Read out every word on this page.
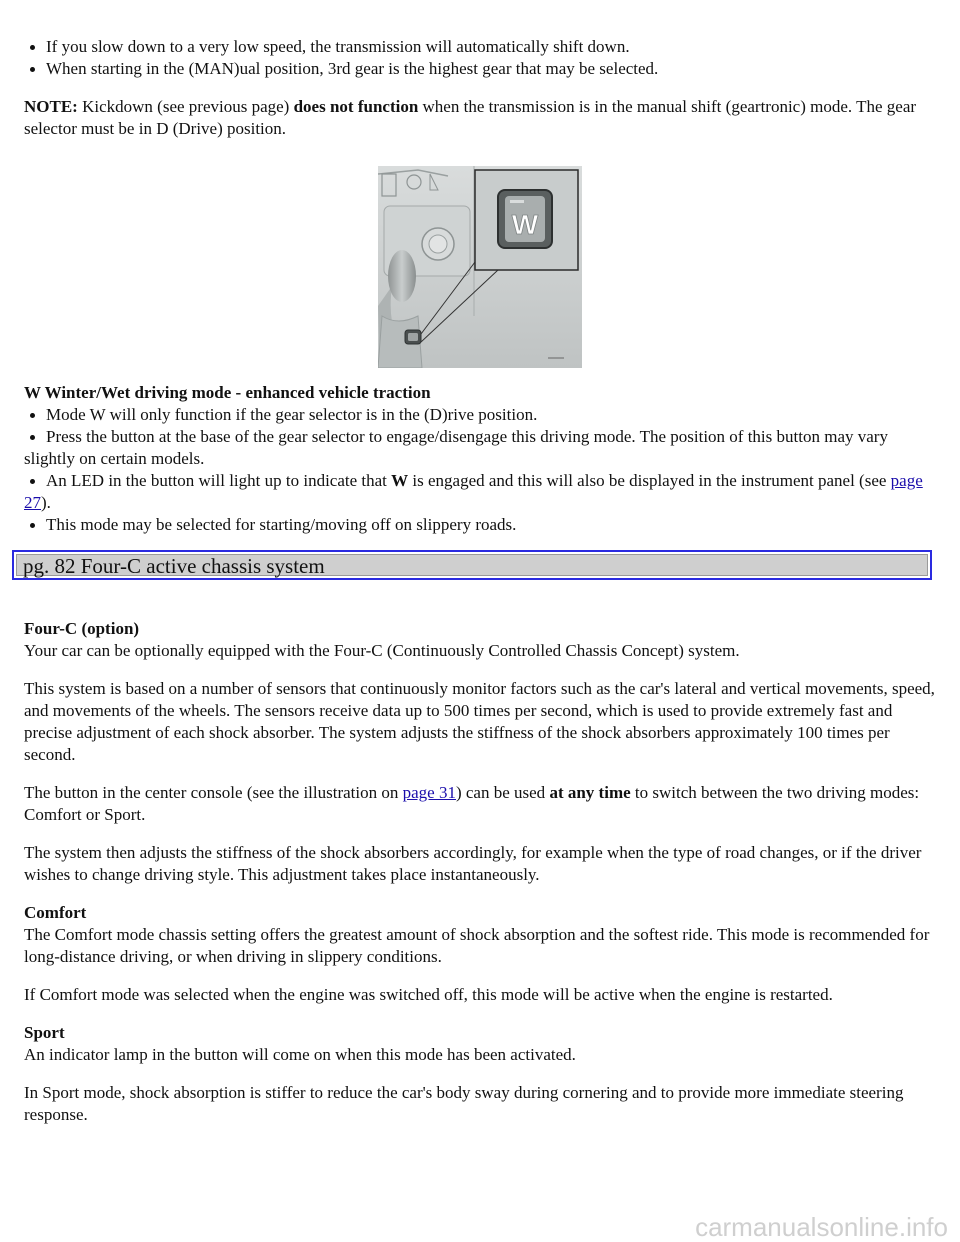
If you slow down to a very low speed, the transmission will automatically shift down.
When starting in the (MAN)ual position, 3rd gear is the highest gear that may be selected.

NOTE: Kickdown (see previous page) does not function when the transmission is in the manual shift (geartronic) mode. The gear selector must be in D (Drive) position.

W

W Winter/Wet driving mode - enhanced vehicle traction

Mode W will only function if the gear selector is in the (D)rive position.
Press the button at the base of the gear selector to engage/disengage this driving mode. The position of this button may vary slightly on certain models.
An LED in the button will light up to indicate that W is engaged and this will also be displayed in the instrument panel (see page 27).
This mode may be selected for starting/moving off on slippery roads.
pg. 82 Four-C active chassis system

Four-C (option)

Your car can be optionally equipped with the Four-C (Continuously Controlled Chassis Concept) system.

This system is based on a number of sensors that continuously monitor factors such as the car's lateral and vertical movements, speed, and movements of the wheels. The sensors receive data up to 500 times per second, which is used to provide extremely fast and precise adjustment of each shock absorber. The system adjusts the stiffness of the shock absorbers approximately 100 times per second.

The button in the center console (see the illustration on page 31) can be used at any time to switch between the two driving modes: Comfort or Sport.

The system then adjusts the stiffness of the shock absorbers accordingly, for example when the type of road changes, or if the driver wishes to change driving style. This adjustment takes place instantaneously.

Comfort

The Comfort mode chassis setting offers the greatest amount of shock absorption and the softest ride. This mode is recommended for long-distance driving, or when driving in slippery conditions.

If Comfort mode was selected when the engine was switched off, this mode will be active when the engine is restarted.

Sport

An indicator lamp in the button will come on when this mode has been activated.

In Sport mode, shock absorption is stiffer to reduce the car's body sway during cornering and to provide more immediate steering response.

carmanualsonline.info
